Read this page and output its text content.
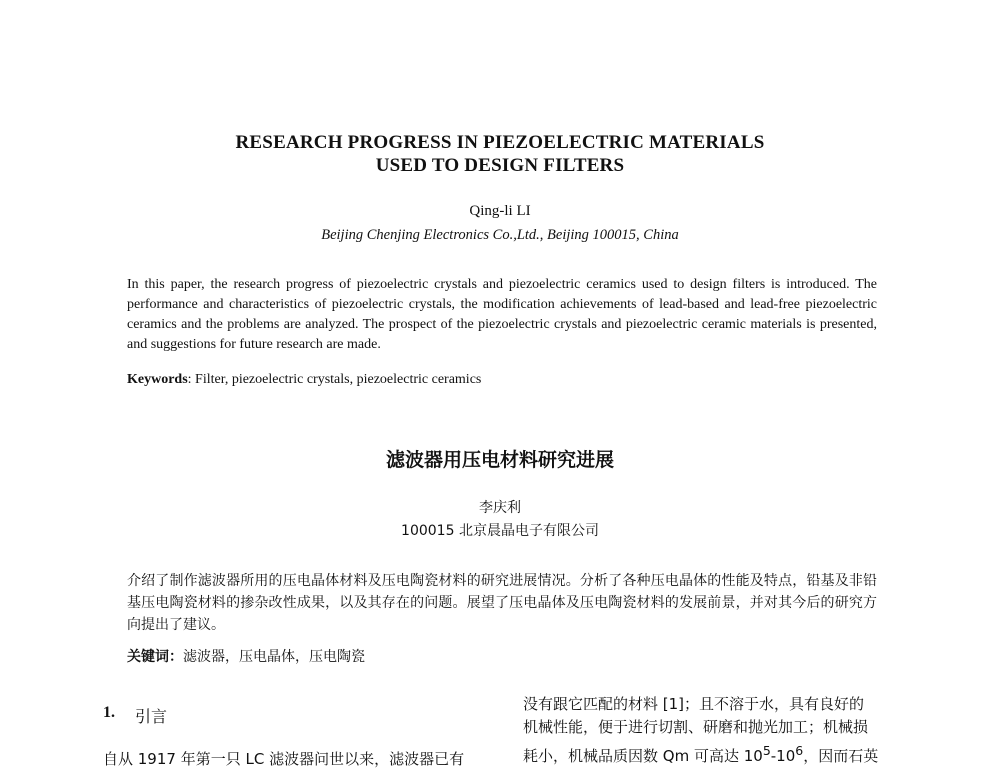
RESEARCH PROGRESS IN PIEZOELECTRIC MATERIALS
USED TO DESIGN FILTERS
Qing-li LI
Beijing Chenjing Electronics Co.,Ltd., Beijing 100015, China
In this paper, the research progress of piezoelectric crystals and piezoelectric ceramics used to design filters is introduced. The performance and characteristics of piezoelectric crystals, the modification achievements of lead-based and lead-free piezoelectric ceramics and the problems are analyzed. The prospect of the piezoelectric crystals and piezoelectric ceramic materials is presented, and suggestions for future research are made.
Keywords: Filter, piezoelectric crystals, piezoelectric ceramics
滤波器用压电材料研究进展
李庆利
100015 北京晨晶电子有限公司
介绍了制作滤波器所用的压电晶体材料及压电陶瓷材料的研究进展情况。分析了各种压电晶体的性能及特点，铅基及非铅基压电陶瓷材料的掺杂改性成果，以及其存在的问题。展望了压电晶体及压电陶瓷材料的发展前景，并对其今后的研究方向提出了建议。
关键词：滤波器，压电晶体，压电陶瓷
1. 引言
自从 1917 年第一只 LC 滤波器问世以来，滤波器已有
没有跟它匹配的材料 [1]；且不溶于水，具有良好的
机械性能，便于进行切割、研磨和抛光加工；机械损
耗小，机械品质因数 Qm 可高达 $10^5-10^6$，因而石英
